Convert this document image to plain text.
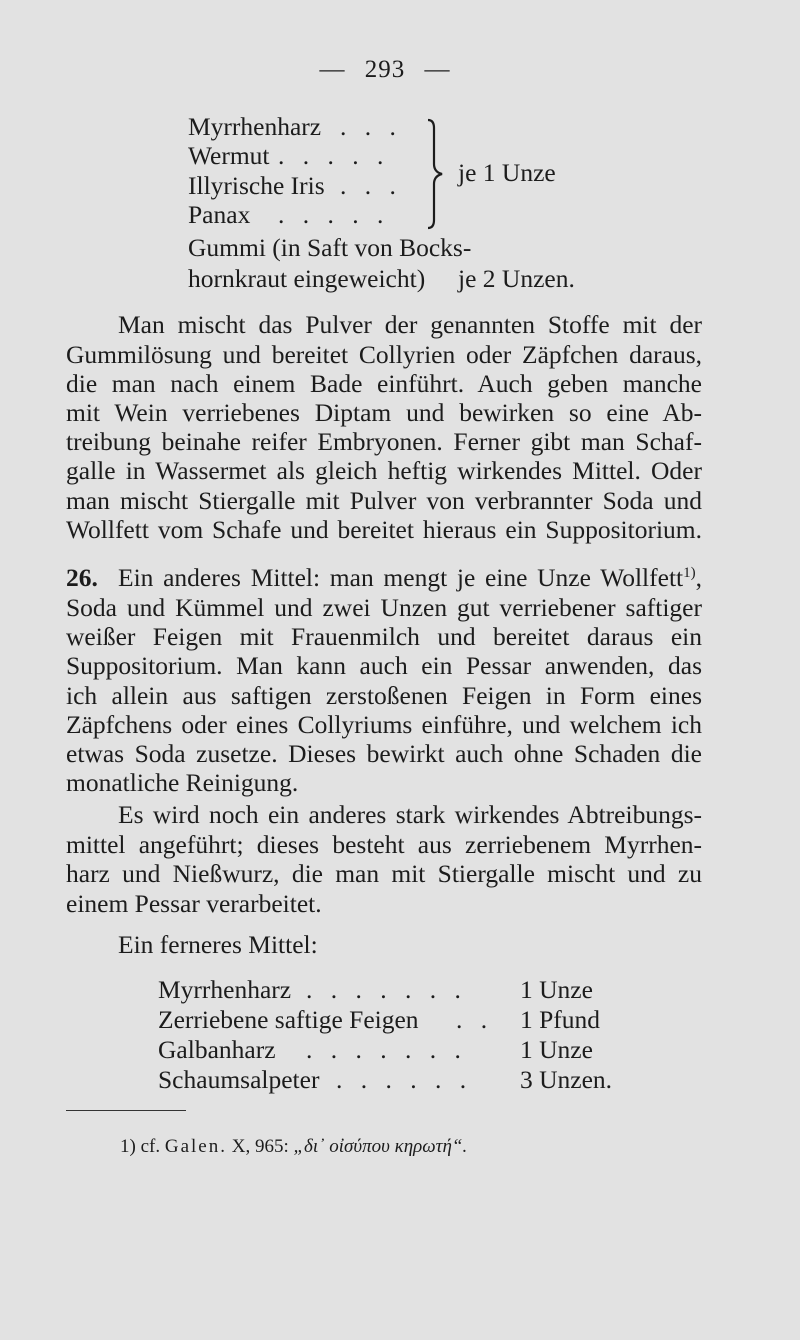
— 293 —
Myrrhenharz . . .
Wermut . . . . .
Illyrische Iris . . .
Panax . . . . .
je 1 Unze
Gummi (in Saft von Bocks-
hornkraut eingeweicht) je 2 Unzen.
Man mischt das Pulver der genannten Stoffe mit der
Gummilösung und bereitet Collyrien oder Zäpfchen daraus,
die man nach einem Bade einführt. Auch geben manche
mit Wein verriebenes Diptam und bewirken so eine Ab-
treibung beinahe reifer Embryonen. Ferner gibt man Schaf-
galle in Wassermet als gleich heftig wirkendes Mittel. Oder
man mischt Stiergalle mit Pulver von verbrannter Soda und
Wollfett vom Schafe und bereitet hieraus ein Suppositorium.
26. Ein anderes Mittel: man mengt je eine Unze Wollfett$^{1)}$,
Soda und Kümmel und zwei Unzen gut verriebener saftiger
weißer Feigen mit Frauenmilch und bereitet daraus ein
Suppositorium. Man kann auch ein Pessar anwenden, das
ich allein aus saftigen zerstoßenen Feigen in Form eines
Zäpfchens oder eines Collyriums einführe, und welchem ich
etwas Soda zusetze. Dieses bewirkt auch ohne Schaden die
monatliche Reinigung.
Es wird noch ein anderes stark wirkendes Abtreibungs-
mittel angeführt; dieses besteht aus zerriebenem Myrrhen-
harz und Nießwurz, die man mit Stiergalle mischt und zu
einem Pessar verarbeitet.
Ein ferneres Mittel:
Myrrhenharz . . . . . . . 1 Unze
Zerriebene saftige Feigen . . 1 Pfund
Galbanharz . . . . . . . 1 Unze
Schaumsalpeter . . . . . . 3 Unzen.
1) cf. Galen. X, 965: „δι᾽ οἰσύπου κηρωτή“.
